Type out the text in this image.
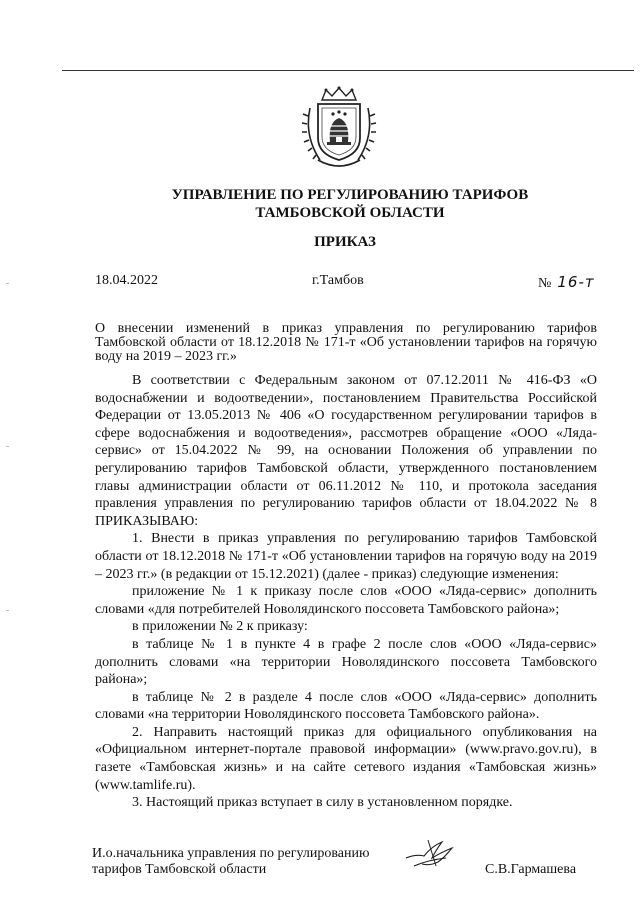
УПРАВЛЕНИЕ ПО РЕГУЛИРОВАНИЮ ТАРИФОВ
ТАМБОВСКОЙ ОБЛАСТИ
ПРИКАЗ
18.04.2022	г.Тамбов	№ 16-т
О внесении изменений в приказ управления по регулированию тарифов Тамбовской области от 18.12.2018 № 171-т «Об установлении тарифов на горячую воду на 2019 – 2023 гг.»

В соответствии с Федеральным законом от 07.12.2011 № 416-ФЗ «О водоснабжении и водоотведении», постановлением Правительства Российской Федерации от 13.05.2013 № 406 «О государственном регулировании тарифов в сфере водоснабжения и водоотведения», рассмотрев обращение «ООО «Ляда-сервис» от 15.04.2022 № 99, на основании Положения об управлении по регулированию тарифов Тамбовской области, утвержденного постановлением главы администрации области от 06.11.2012 № 110, и протокола заседания правления управления по регулированию тарифов области от 18.04.2022 № 8 ПРИКАЗЫВАЮ:

1. Внести в приказ управления по регулированию тарифов Тамбовской области от 18.12.2018 № 171-т «Об установлении тарифов на горячую воду на 2019 – 2023 гг.» (в редакции от 15.12.2021) (далее - приказ) следующие изменения:

приложение № 1 к приказу после слов «ООО «Ляда-сервис» дополнить словами «для потребителей Новолядинского поссовета Тамбовского района»;

в приложении № 2 к приказу:

в таблице № 1 в пункте 4 в графе 2 после слов «ООО «Ляда-сервис» дополнить словами «на территории Новолядинского поссовета Тамбовского района»;

в таблице № 2 в разделе 4 после слов «ООО «Ляда-сервис» дополнить словами «на территории Новолядинского поссовета Тамбовского района».

2. Направить настоящий приказ для официального опубликования на «Официальном интернет-портале правовой информации» (www.pravo.gov.ru), в газете «Тамбовская жизнь» и на сайте сетевого издания «Тамбовская жизнь» (www.tamlife.ru).

3. Настоящий приказ вступает в силу в установленном порядке.

И.о.начальника управления по регулированию
тарифов Тамбовской области	С.В.Гармашева
